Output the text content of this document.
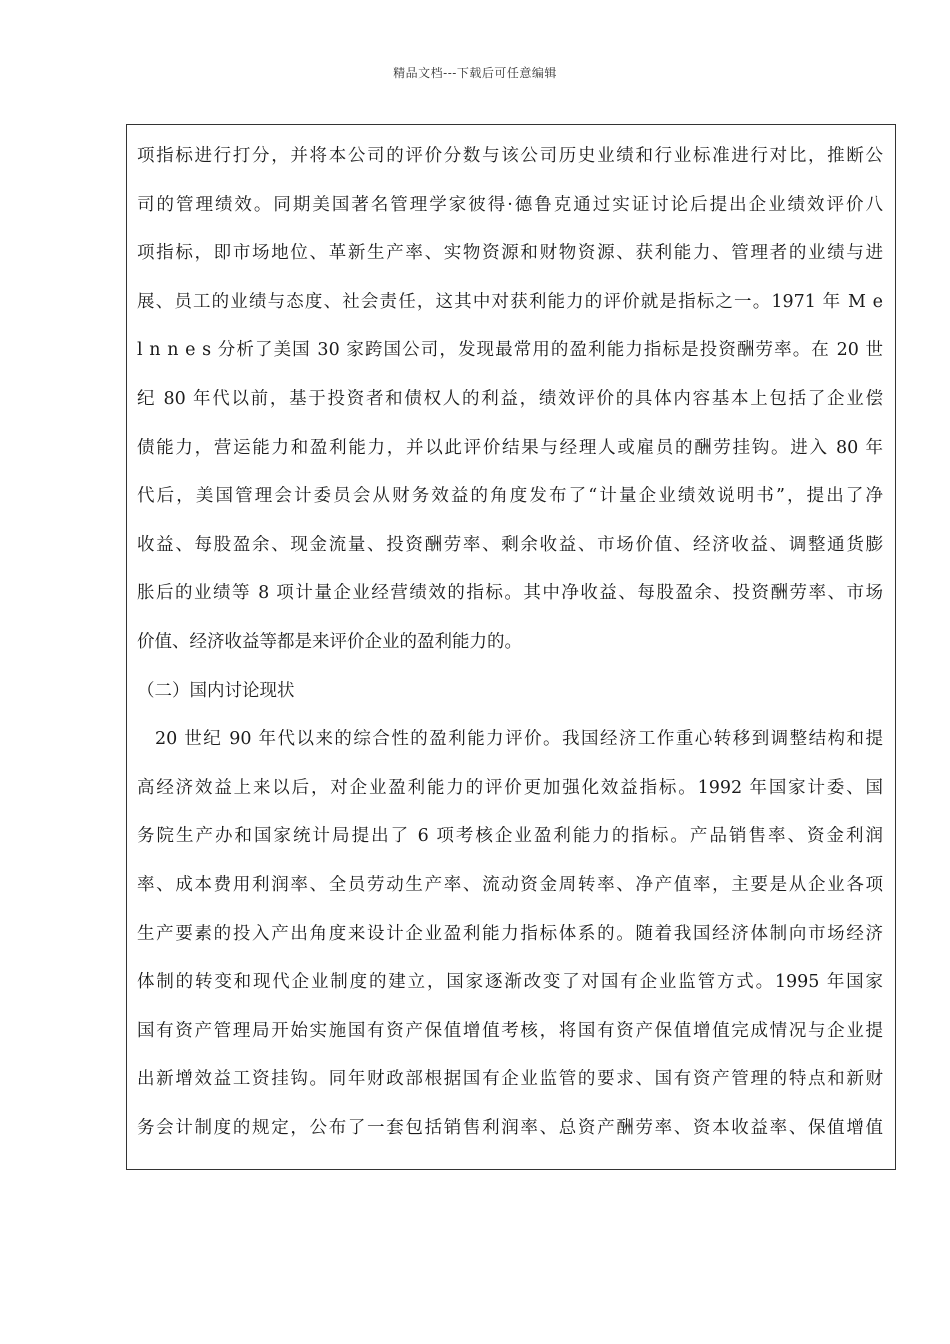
精品文档---下载后可任意编辑
项指标进行打分，并将本公司的评价分数与该公司历史业绩和行业标准进行对比，推断公
司的管理绩效。同期美国著名管理学家彼得·德鲁克通过实证讨论后提出企业绩效评价八
项指标，即市场地位、革新生产率、实物资源和财物资源、获利能力、管理者的业绩与进
展、员工的业绩与态度、社会责任，这其中对获利能力的评价就是指标之一。1971 年 M e
l n n e s 分析了美国 30 家跨国公司，发现最常用的盈利能力指标是投资酬劳率。在 20 世
纪 80 年代以前，基于投资者和债权人的利益，绩效评价的具体内容基本上包括了企业偿
债能力，营运能力和盈利能力，并以此评价结果与经理人或雇员的酬劳挂钩。进入 80 年
代后，美国管理会计委员会从财务效益的角度发布了“计量企业绩效说明书”，提出了净
收益、每股盈余、现金流量、投资酬劳率、剩余收益、市场价值、经济收益、调整通货膨
胀后的业绩等 8 项计量企业经营绩效的指标。其中净收益、每股盈余、投资酬劳率、市场
价值、经济收益等都是来评价企业的盈利能力的。
（二）国内讨论现状
20 世纪 90 年代以来的综合性的盈利能力评价。我国经济工作重心转移到调整结构和提
高经济效益上来以后，对企业盈利能力的评价更加强化效益指标。1992 年国家计委、国
务院生产办和国家统计局提出了 6 项考核企业盈利能力的指标。产品销售率、资金利润
率、成本费用利润率、全员劳动生产率、流动资金周转率、净产值率，主要是从企业各项
生产要素的投入产出角度来设计企业盈利能力指标体系的。随着我国经济体制向市场经济
体制的转变和现代企业制度的建立，国家逐渐改变了对国有企业监管方式。1995 年国家
国有资产管理局开始实施国有资产保值增值考核，将国有资产保值增值完成情况与企业提
出新增效益工资挂钩。同年财政部根据国有企业监管的要求、国有资产管理的特点和新财
务会计制度的规定，公布了一套包括销售利润率、总资产酬劳率、资本收益率、保值增值
